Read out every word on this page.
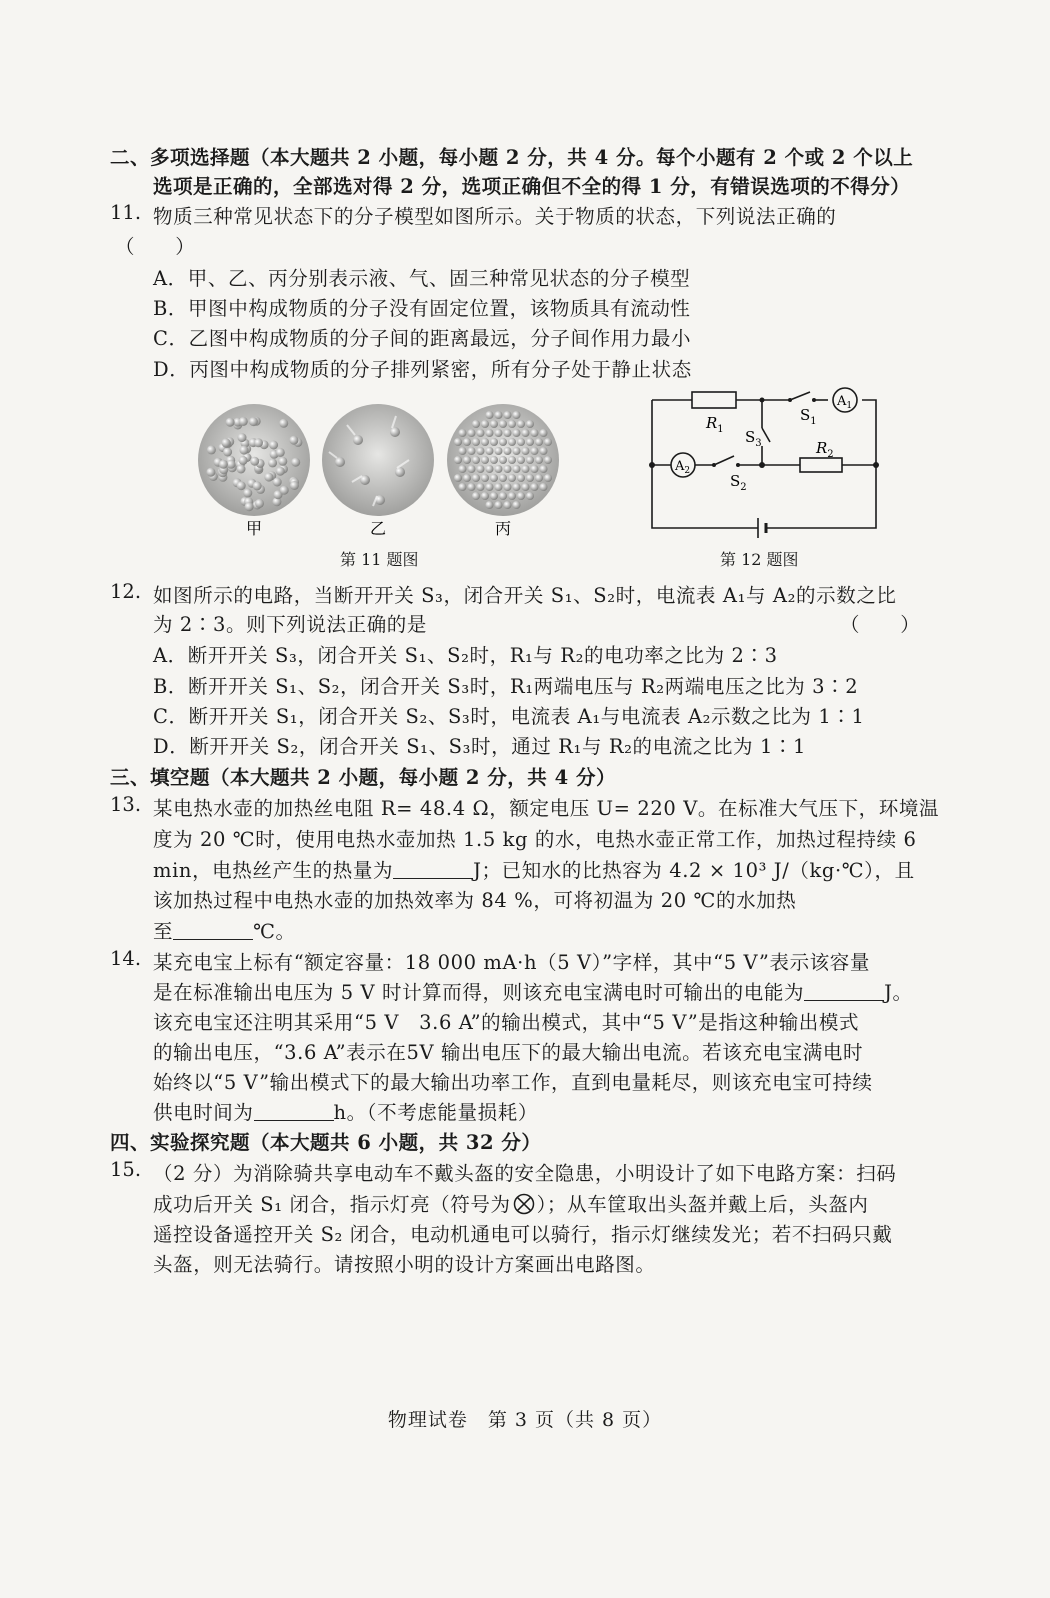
二、多项选择题（本大题共 2 小题，每小题 2 分，共 4 分。每个小题有 2 个或 2 个以上
选项是正确的，全部选对得 2 分，选项正确但不全的得 1 分，有错误选项的不得分）
11. 物质三种常见状态下的分子模型如图所示。关于物质的状态，下列说法正确的
（　　）
A．甲、乙、丙分别表示液、气、固三种常见状态的分子模型
B．甲图中构成物质的分子没有固定位置，该物质具有流动性
C．乙图中构成物质的分子间的距离最远，分子间作用力最小
D．丙图中构成物质的分子排列紧密，所有分子处于静止状态
甲	乙	丙
第 11 题图
$R_1$
$R_2$
$S_1$
$S_3$
$S_2$
$A_1$
$A_2$
第 12 题图
12. 如图所示的电路，当断开开关 S₃，闭合开关 S₁、S₂时，电流表 A₁与 A₂的示数之比
为 2∶3。则下列说法正确的是	（　　）
A．断开开关 S₃，闭合开关 S₁、S₂时，R₁与 R₂的电功率之比为 2∶3
B．断开开关 S₁、S₂，闭合开关 S₃时，R₁两端电压与 R₂两端电压之比为 3∶2
C．断开开关 S₁，闭合开关 S₂、S₃时，电流表 A₁与电流表 A₂示数之比为 1∶1
D．断开开关 S₂，闭合开关 S₁、S₃时，通过 R₁与 R₂的电流之比为 1∶1
三、填空题（本大题共 2 小题，每小题 2 分，共 4 分）
13. 某电热水壶的加热丝电阻 R= 48.4 Ω，额定电压 U= 220 V。在标准大气压下，环境温
度为 20 ℃时，使用电热水壶加热 1.5 kg 的水，电热水壶正常工作，加热过程持续 6
min，电热丝产生的热量为	J；已知水的比热容为 4.2 × 10³ J/（kg·℃），且
该加热过程中电热水壶的加热效率为 84 %，可将初温为 20 ℃的水加热
至	℃。
14. 某充电宝上标有“额定容量：18 000 mA·h（5 V）”字样，其中“5 V”表示该容量
是在标准输出电压为 5 V 时计算而得，则该充电宝满电时可输出的电能为	J。
该充电宝还注明其采用“5 V　3.6 A”的输出模式，其中“5 V”是指这种输出模式
的输出电压，“3.6 A”表示在5V 输出电压下的最大输出电流。若该充电宝满电时
始终以“5 V”输出模式下的最大输出功率工作，直到电量耗尽，则该充电宝可持续
供电时间为	h。（不考虑能量损耗）
四、实验探究题（本大题共 6 小题，共 32 分）
15. （2 分）为消除骑共享电动车不戴头盔的安全隐患，小明设计了如下电路方案：扫码
成功后开关 S₁ 闭合，指示灯亮（符号为 ）；从车筐取出头盔并戴上后，头盔内
遥控设备遥控开关 S₂ 闭合，电动机通电可以骑行，指示灯继续发光；若不扫码只戴
头盔，则无法骑行。请按照小明的设计方案画出电路图。
物理试卷　第 3 页（共 8 页）
